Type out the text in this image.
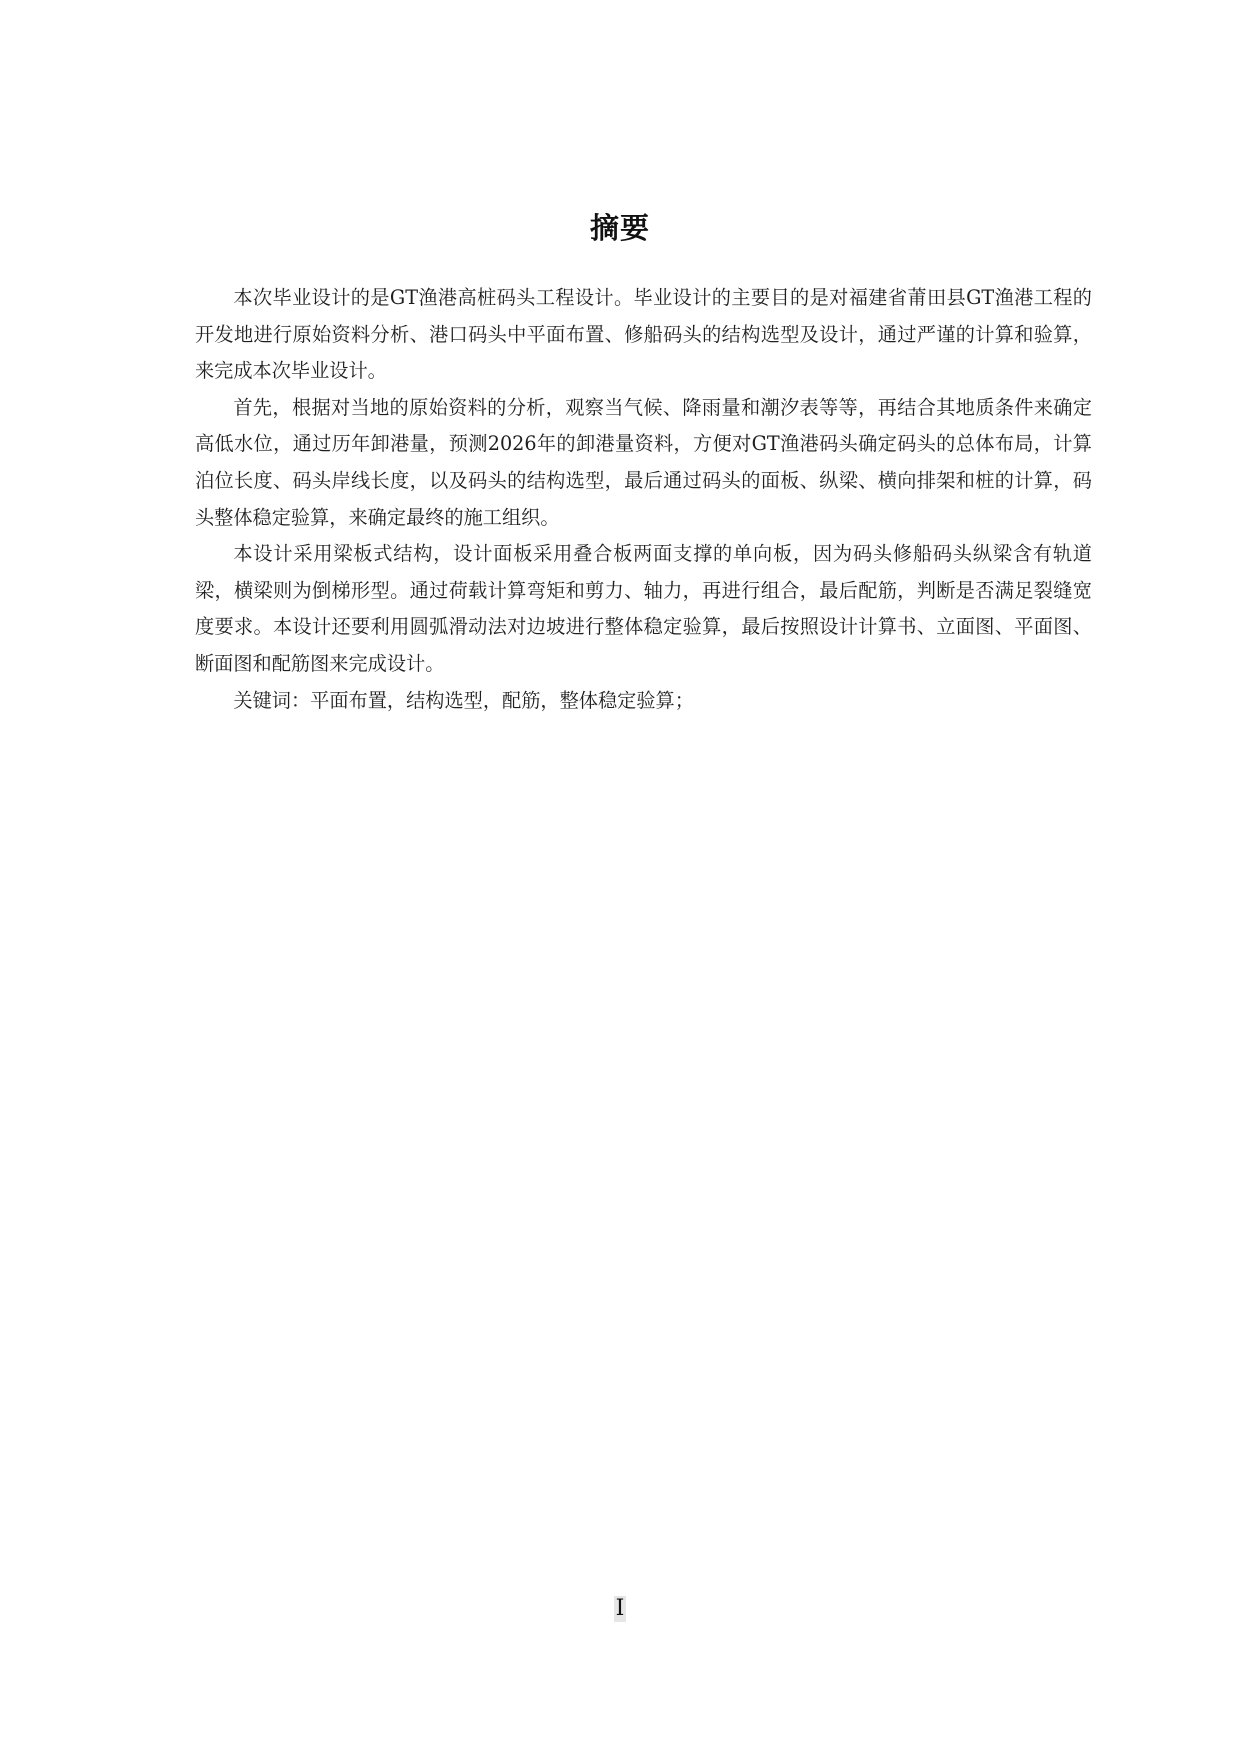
摘要

本次毕业设计的是GT渔港高桩码头工程设计。毕业设计的主要目的是对福建省莆田县GT渔港工程的开发地进行原始资料分析、港口码头中平面布置、修船码头的结构选型及设计，通过严谨的计算和验算，来完成本次毕业设计。

首先，根据对当地的原始资料的分析，观察当气候、降雨量和潮汐表等等，再结合其地质条件来确定高低水位，通过历年卸港量，预测2026年的卸港量资料，方便对GT渔港码头确定码头的总体布局，计算泊位长度、码头岸线长度，以及码头的结构选型，最后通过码头的面板、纵梁、横向排架和桩的计算，码头整体稳定验算，来确定最终的施工组织。

本设计采用梁板式结构，设计面板采用叠合板两面支撑的单向板，因为码头修船码头纵梁含有轨道梁，横梁则为倒梯形型。通过荷载计算弯矩和剪力、轴力，再进行组合，最后配筋，判断是否满足裂缝宽度要求。本设计还要利用圆弧滑动法对边坡进行整体稳定验算，最后按照设计计算书、立面图、平面图、断面图和配筋图来完成设计。

关键词：平面布置，结构选型，配筋，整体稳定验算；

I
